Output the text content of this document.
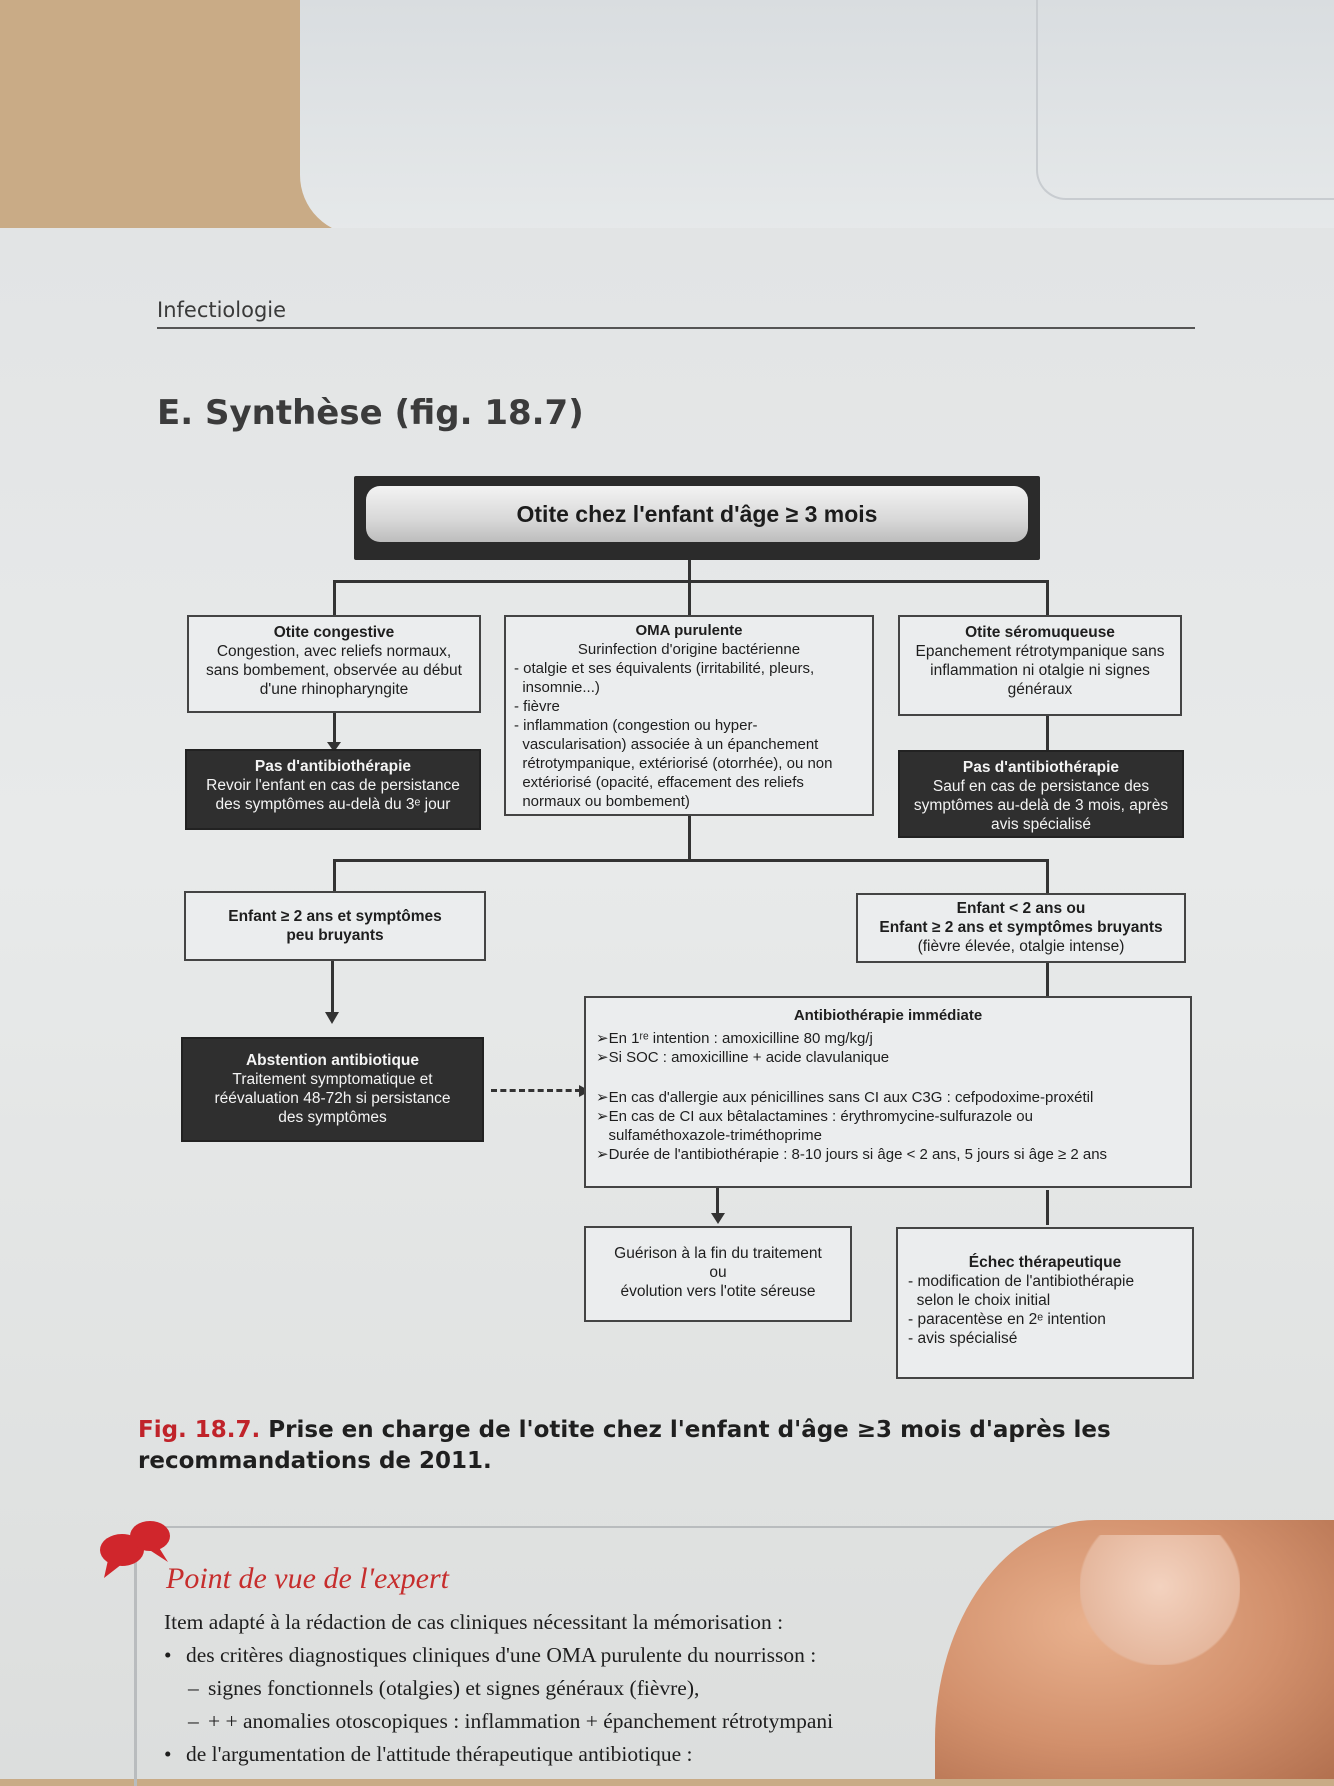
Infectiologie
E. Synthèse (fig. 18.7)
Otite chez l'enfant d'âge ≥ 3 mois
Otite congestive
Congestion, avec reliefs normaux,
sans bombement, observée au début
d'une rhinopharyngite
OMA purulente
Surinfection d'origine bactérienne
- otalgie et ses équivalents (irritabilité, pleurs,
insomnie...)
- fièvre
- inflammation (congestion ou hyper-
vascularisation) associée à un épanchement
rétrotympanique, extériorisé (otorrhée), ou non
extériorisé (opacité, effacement des reliefs
normaux ou bombement)
Otite séromuqueuse
Epanchement rétrotympanique sans
inflammation ni otalgie ni signes
généraux
Pas d'antibiothérapie
Revoir l'enfant en cas de persistance
des symptômes au-delà du 3ᵉ jour
Pas d'antibiothérapie
Sauf en cas de persistance des
symptômes au-delà de 3 mois, après
avis spécialisé
Enfant ≥ 2 ans et symptômes
peu bruyants
Enfant < 2 ans ou
Enfant ≥ 2 ans et symptômes bruyants
(fièvre élevée, otalgie intense)
Abstention antibiotique
Traitement symptomatique et
réévaluation 48-72h si persistance
des symptômes
Antibiothérapie immédiate
➢En 1ʳᵉ intention : amoxicilline 80 mg/kg/j
➢Si SOC : amoxicilline + acide clavulanique
➢En cas d'allergie aux pénicillines sans CI aux C3G : cefpodoxime-proxétil
➢En cas de CI aux bêtalactamines : érythromycine-sulfurazole ou
sulfaméthoxazole-triméthoprime
➢Durée de l'antibiothérapie : 8-10 jours si âge < 2 ans, 5 jours si âge ≥ 2 ans
Guérison à la fin du traitement
ou
évolution vers l'otite séreuse
Échec thérapeutique
- modification de l'antibiothérapie
selon le choix initial
- paracentèse en 2ᵉ intention
- avis spécialisé
Fig. 18.7. Prise en charge de l'otite chez l'enfant d'âge ≥3 mois d'après les recommandations de 2011.
Point de vue de l'expert
Item adapté à la rédaction de cas cliniques nécessitant la mémorisation :
• des critères diagnostiques cliniques d'une OMA purulente du nourrisson :
– signes fonctionnels (otalgies) et signes généraux (fièvre),
– + + anomalies otoscopiques : inflammation + épanchement rétrotympani
• de l'argumentation de l'attitude thérapeutique antibiotique :
